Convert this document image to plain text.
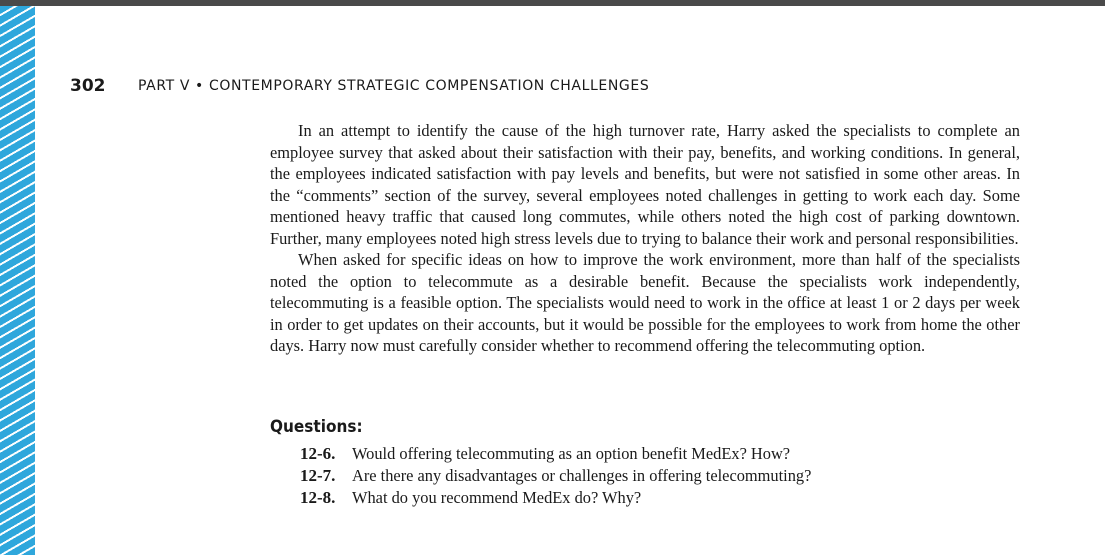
302	PART V • CONTEMPORARY STRATEGIC COMPENSATION CHALLENGES

In an attempt to identify the cause of the high turnover rate, Harry asked the specialists to complete an employee survey that asked about their satisfaction with their pay, benefits, and working conditions. In general, the employees indicated satisfaction with pay levels and benefits, but were not satisfied in some other areas. In the “comments” section of the survey, several employees noted challenges in getting to work each day. Some mentioned heavy traffic that caused long commutes, while others noted the high cost of parking downtown. Further, many employees noted high stress levels due to trying to balance their work and personal responsibilities.

When asked for specific ideas on how to improve the work environment, more than half of the specialists noted the option to telecommute as a desirable benefit. Because the specialists work independently, telecommuting is a feasible option. The specialists would need to work in the office at least 1 or 2 days per week in order to get updates on their accounts, but it would be possible for the employees to work from home the other days. Harry now must carefully consider whether to recommend offering the telecommuting option.

Questions:
12-6.	Would offering telecommuting as an option benefit MedEx? How?
12-7.	Are there any disadvantages or challenges in offering telecommuting?
12-8.	What do you recommend MedEx do? Why?
